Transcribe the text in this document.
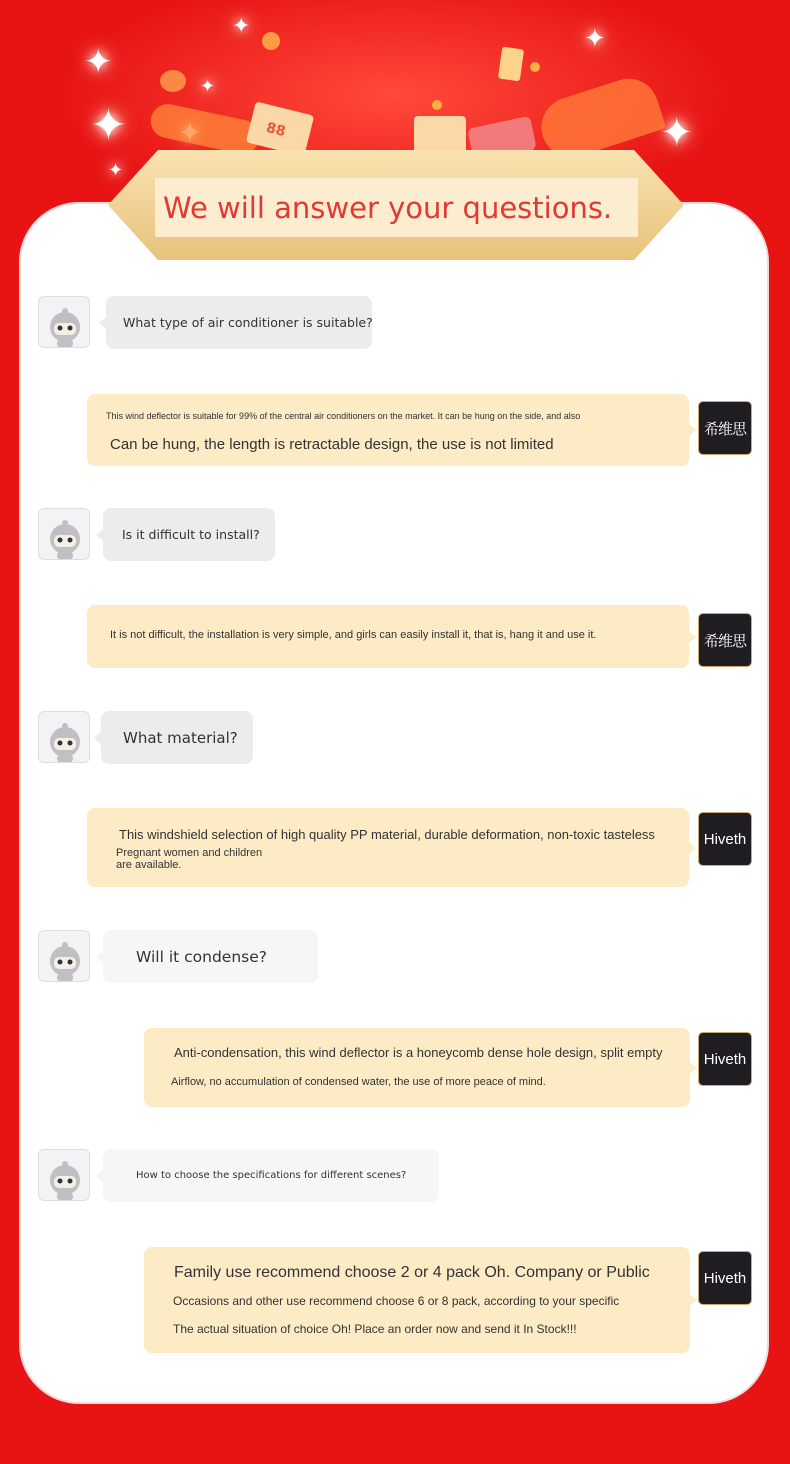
✦
✦
✦
✦
✦
✦
✦
88
We will answer your questions.
What type of air conditioner is suitable?
This wind deflector is suitable for 99% of the central air conditioners on the market. It can be hung on the side, and also
Can be hung, the length is retractable design, the use is not limited
希维思
Is it difficult to install?
It is not difficult, the installation is very simple, and girls can easily install it, that is, hang it and use it.	希维思
What material?
This windshield selection of high quality PP material, durable deformation, non-toxic tasteless
Pregnant women and children
are available.
Hiveth
Will it condense?
Anti-condensation, this wind deflector is a honeycomb dense hole design, split empty
Airflow, no accumulation of condensed water, the use of more peace of mind.
Hiveth
How to choose the specifications for different scenes?
Family use recommend choose 2 or 4 pack Oh. Company or Public
Occasions and other use recommend choose 6 or 8 pack, according to your specific
The actual situation of choice Oh! Place an order now and send it In Stock!!!
Hiveth
